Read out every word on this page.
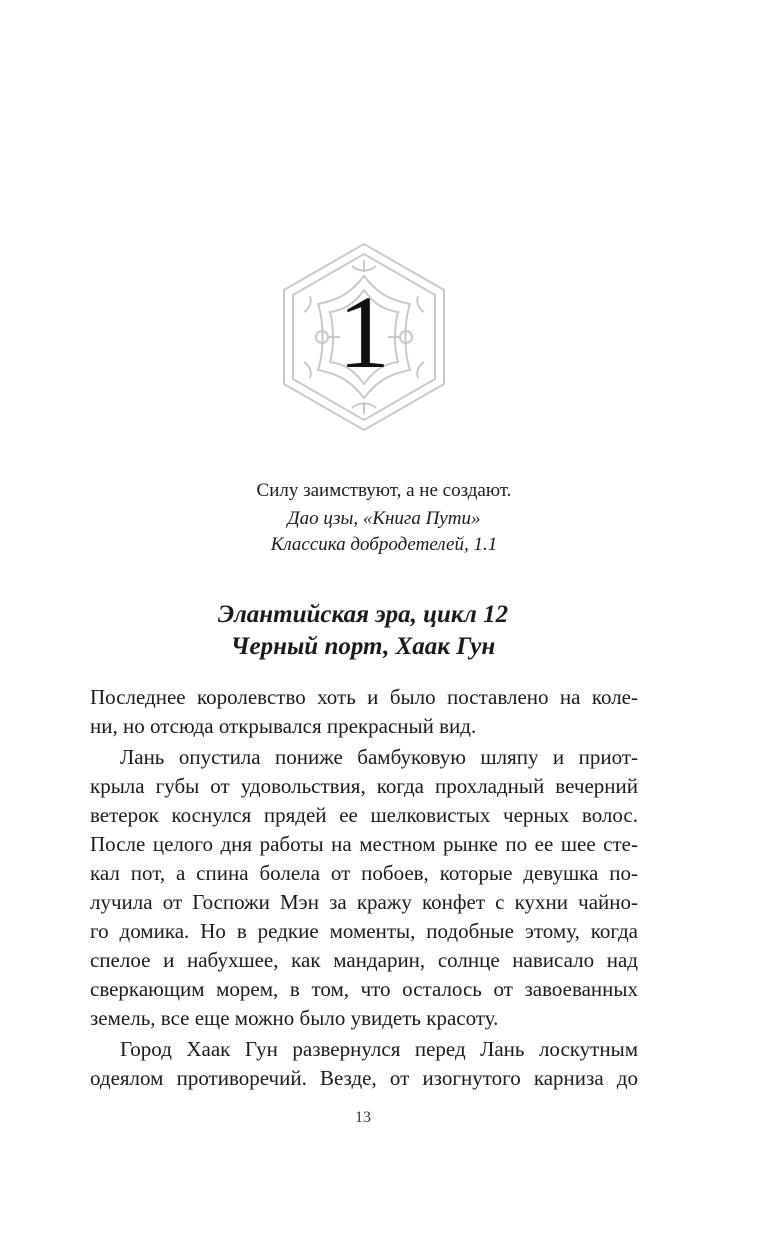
1
Силу заимствуют, а не создают.
Дао цзы, «Книга Пути»
Классика добродетелей, 1.1
Элантийская эра, цикл 12
Черный порт, Хаак Гун
Последнее королевство хоть и было поставлено на коле-
ни, но отсюда открывался прекрасный вид.
Лань опустила пониже бамбуковую шляпу и приот-
крыла губы от удовольствия, когда прохладный вечерний
ветерок коснулся прядей ее шелковистых черных волос.
После целого дня работы на местном рынке по ее шее сте-
кал пот, а спина болела от побоев, которые девушка по-
лучила от Госпожи Мэн за кражу конфет с кухни чайно-
го домика. Но в редкие моменты, подобные этому, когда
спелое и набухшее, как мандарин, солнце нависало над
сверкающим морем, в том, что осталось от завоеванных
земель, все еще можно было увидеть красоту.
Город Хаак Гун развернулся перед Лань лоскутным
одеялом противоречий. Везде, от изогнутого карниза до
13
